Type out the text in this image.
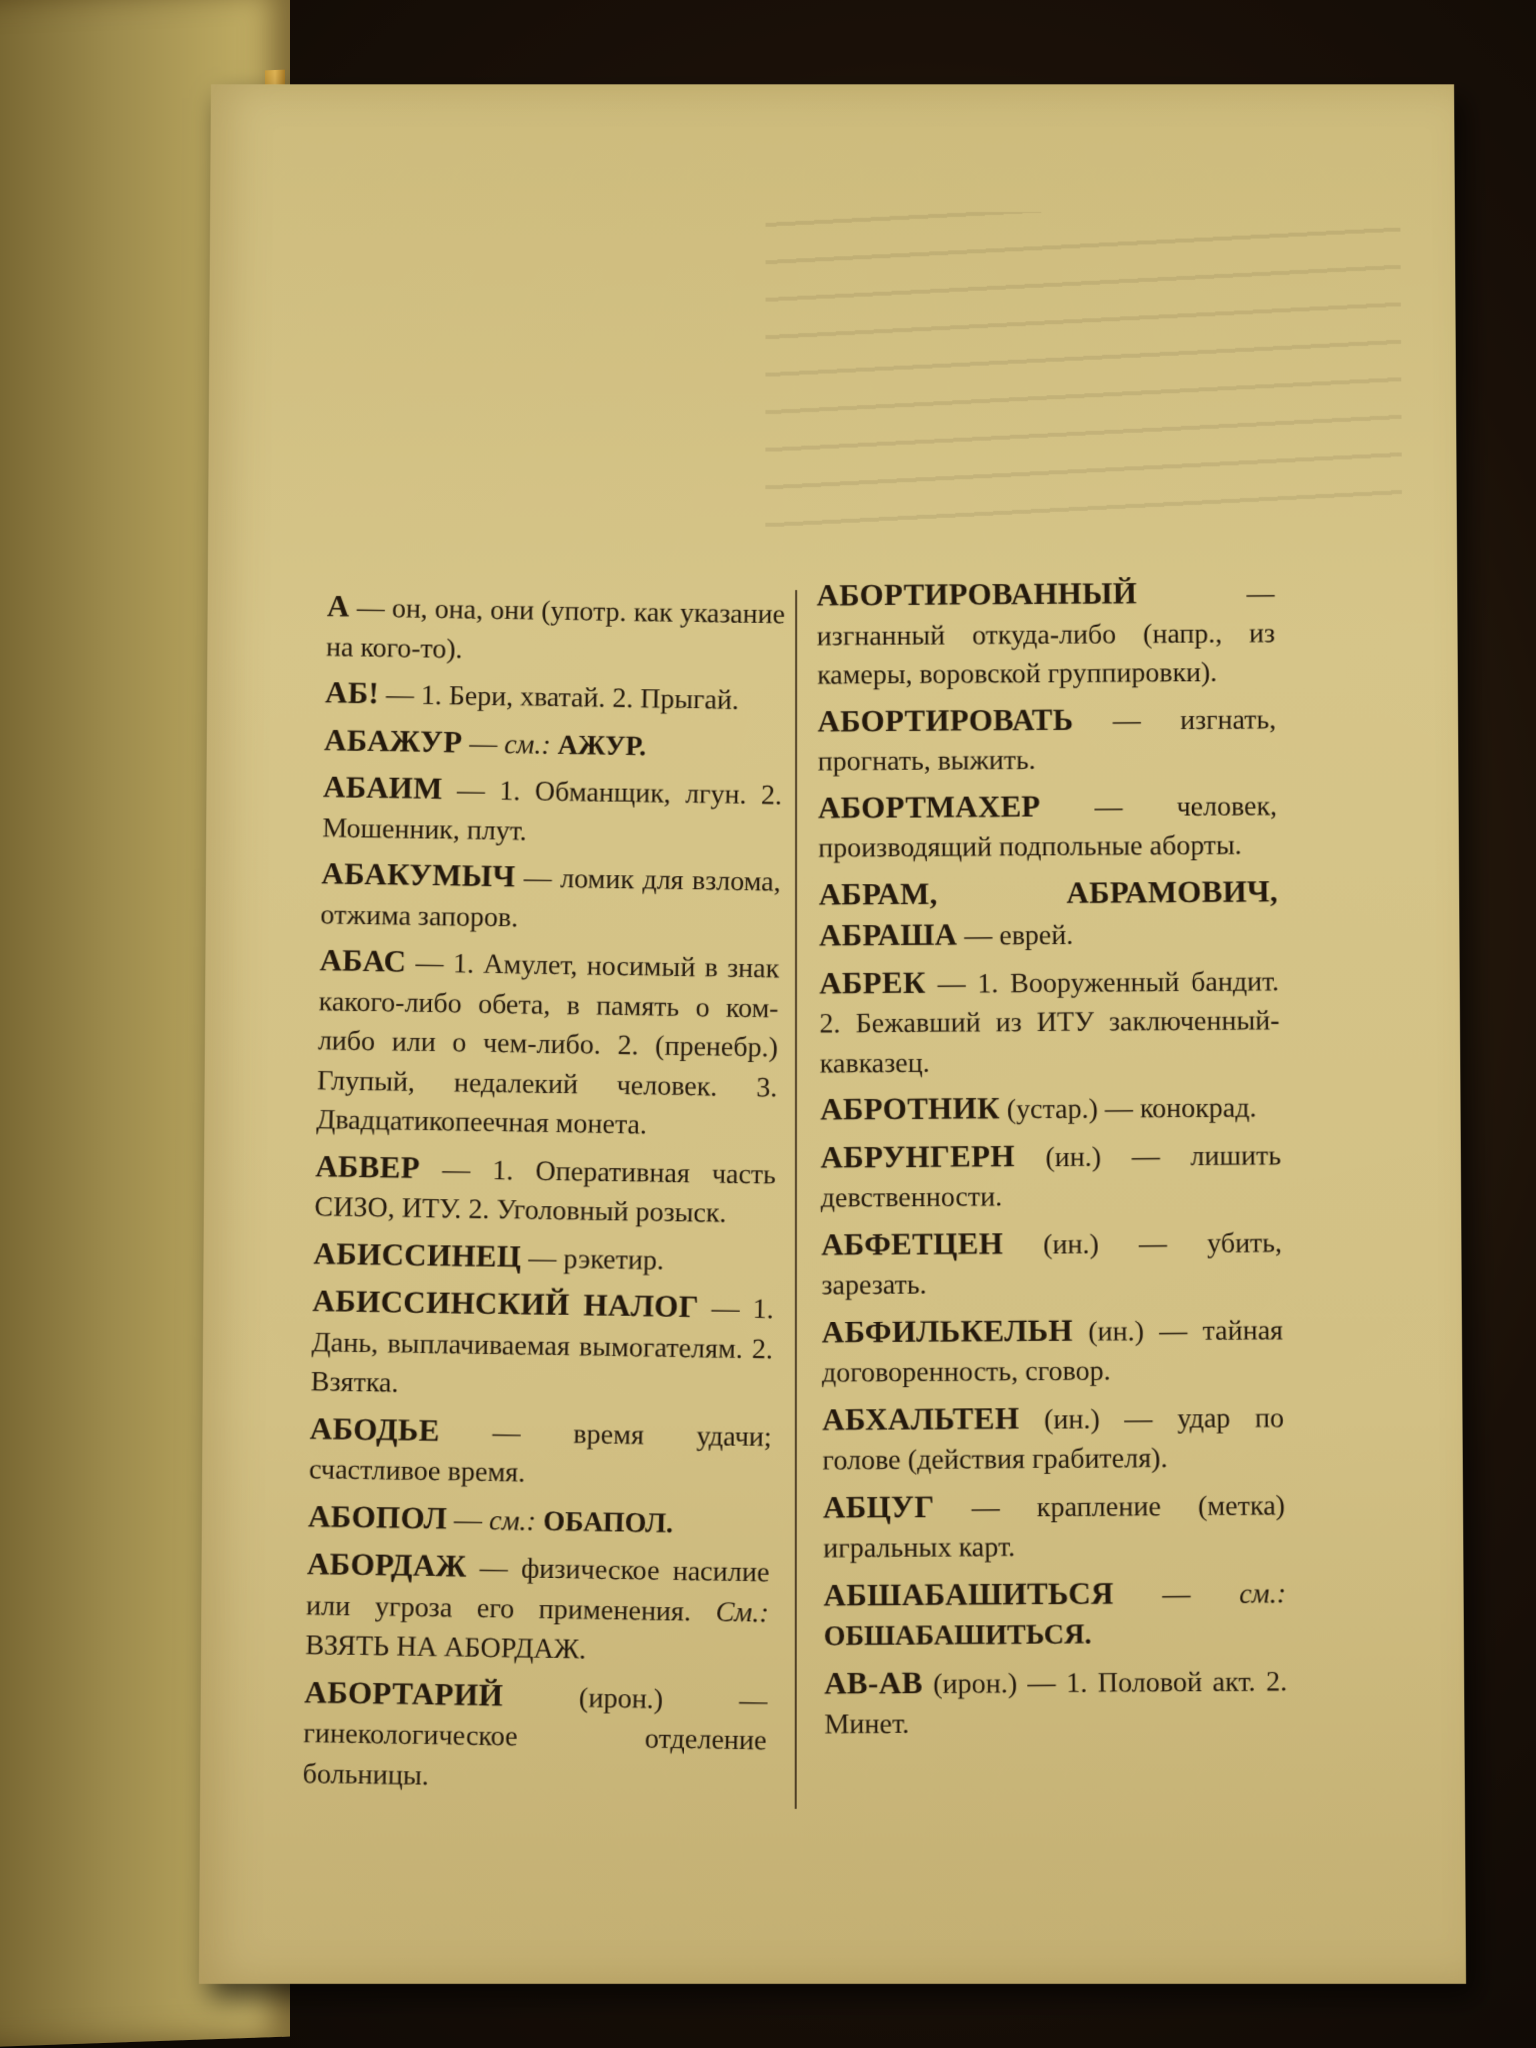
А — он, она, они (употр. как указание на кого-то).

АБ! — 1. Бери, хватай. 2. Прыгай.

АБАЖУР — см.: АЖУР.

АБАИМ — 1. Обманщик, лгун. 2. Мошенник, плут.

АБАКУМЫЧ — ломик для взлома, отжима запоров.

АБАС — 1. Амулет, носимый в знак какого-либо обета, в память о ком-либо или о чем-либо. 2. (пренебр.) Глупый, недалекий человек. 3. Двадцатикопеечная монета.

АБВЕР — 1. Оперативная часть СИЗО, ИТУ. 2. Уголовный розыск.

АБИССИНЕЦ — рэкетир.

АБИССИНСКИЙ НАЛОГ — 1. Дань, выплачиваемая вымогателям. 2. Взятка.

АБОДЬЕ — время удачи; счастливое время.

АБОПОЛ — см.: ОБАПОЛ.

АБОРДАЖ — физическое насилие или угроза его применения. См.: ВЗЯТЬ НА АБОРДАЖ.

АБОРТАРИЙ (ирон.) — гинекологическое отделение больницы.

АБОРТИРОВАННЫЙ — изгнанный откуда-либо (напр., из камеры, воровской группировки).

АБОРТИРОВАТЬ — изгнать, прогнать, выжить.

АБОРТМАХЕР — человек, производящий подпольные аборты.

АБРАМ, АБРАМОВИЧ, АБРАША — еврей.

АБРЕК — 1. Вооруженный бандит. 2. Бежавший из ИТУ заключенный-кавказец.

АБРОТНИК (устар.) — конокрад.

АБРУНГЕРН (ин.) — лишить девственности.

АБФЕТЦЕН (ин.) — убить, зарезать.

АБФИЛЬКЕЛЬН (ин.) — тайная договоренность, сговор.

АБХАЛЬТЕН (ин.) — удар по голове (действия грабителя).

АБЦУГ — крапление (метка) игральных карт.

АБШАБАШИТЬСЯ — см.: ОБШАБАШИТЬСЯ.

АВ-АВ (ирон.) — 1. Половой акт. 2. Минет.
